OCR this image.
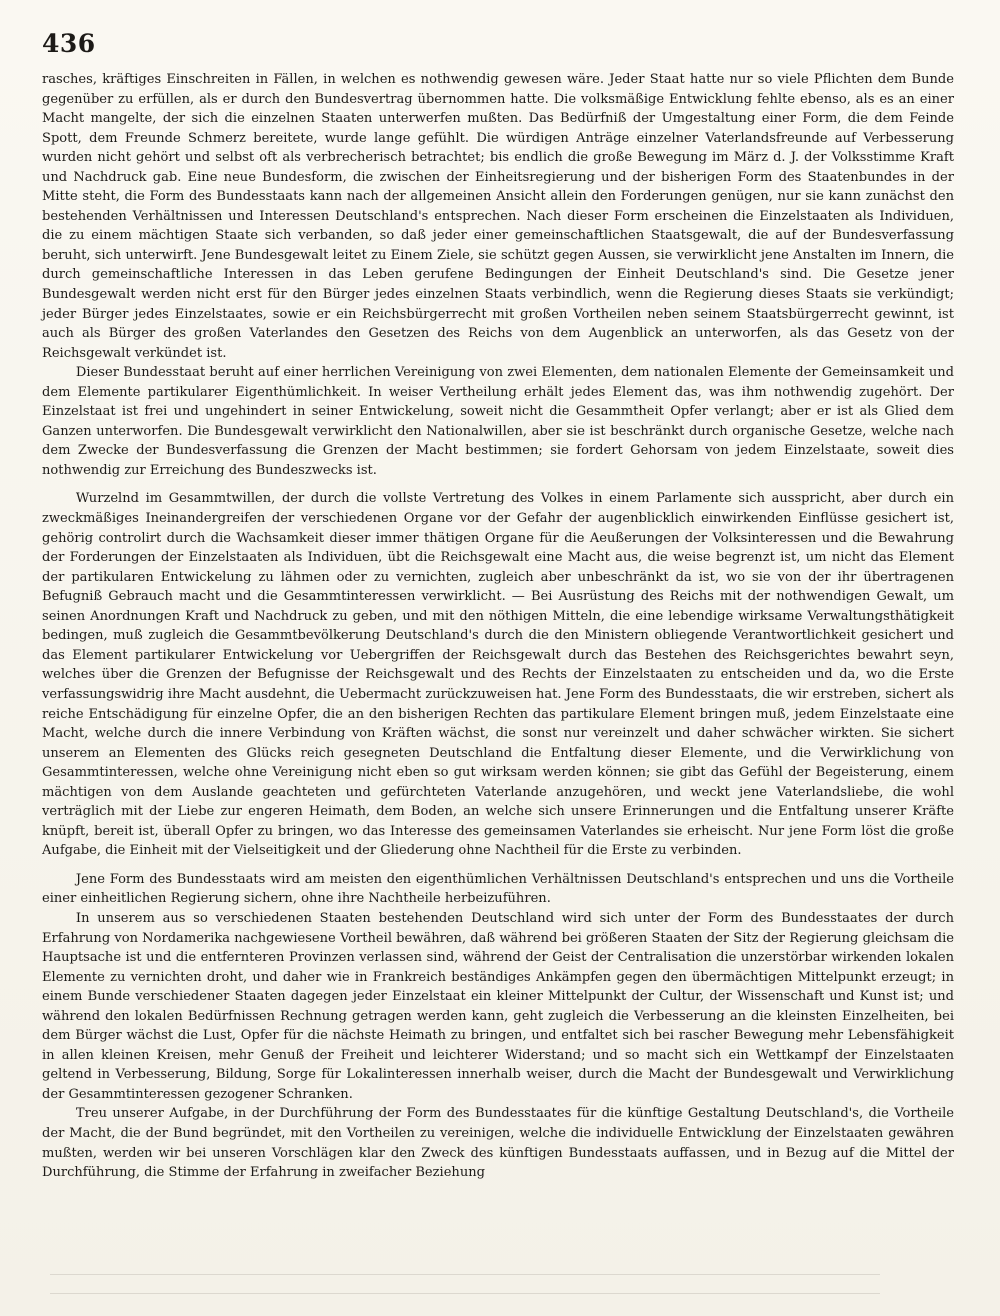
436

rasches, kräftiges Einschreiten in Fällen, in welchen es nothwendig gewesen wäre. Jeder Staat hatte nur so viele Pflichten dem Bunde gegenüber zu erfüllen, als er durch den Bundesvertrag übernommen hatte. Die volksmäßige Entwicklung fehlte ebenso, als es an einer Macht mangelte, der sich die einzelnen Staaten unterwerfen mußten. Das Bedürfniß der Umgestaltung einer Form, die dem Feinde Spott, dem Freunde Schmerz bereitete, wurde lange gefühlt. Die würdigen Anträge einzelner Vaterlandsfreunde auf Verbesserung wurden nicht gehört und selbst oft als verbrecherisch betrachtet; bis endlich die große Bewegung im März d. J. der Volksstimme Kraft und Nachdruck gab. Eine neue Bundesform, die zwischen der Einheitsregierung und der bisherigen Form des Staatenbundes in der Mitte steht, die Form des Bundesstaats kann nach der allgemeinen Ansicht allein den Forderungen genügen, nur sie kann zunächst den bestehenden Verhältnissen und Interessen Deutschland's entsprechen. Nach dieser Form erscheinen die Einzelstaaten als Individuen, die zu einem mächtigen Staate sich verbanden, so daß jeder einer gemeinschaftlichen Staatsgewalt, die auf der Bundesverfassung beruht, sich unterwirft. Jene Bundesgewalt leitet zu Einem Ziele, sie schützt gegen Aussen, sie verwirklicht jene Anstalten im Innern, die durch gemeinschaftliche Interessen in das Leben gerufene Bedingungen der Einheit Deutschland's sind. Die Gesetze jener Bundesgewalt werden nicht erst für den Bürger jedes einzelnen Staats verbindlich, wenn die Regierung dieses Staats sie verkündigt; jeder Bürger jedes Einzelstaates, sowie er ein Reichsbürgerrecht mit großen Vortheilen neben seinem Staatsbürgerrecht gewinnt, ist auch als Bürger des großen Vaterlandes den Gesetzen des Reichs von dem Augenblick an unterworfen, als das Gesetz von der Reichsgewalt verkündet ist.

Dieser Bundesstaat beruht auf einer herrlichen Vereinigung von zwei Elementen, dem nationalen Elemente der Gemeinsamkeit und dem Elemente partikularer Eigenthümlichkeit. In weiser Vertheilung erhält jedes Element das, was ihm nothwendig zugehört. Der Einzelstaat ist frei und ungehindert in seiner Entwickelung, soweit nicht die Gesammtheit Opfer verlangt; aber er ist als Glied dem Ganzen unterworfen. Die Bundesgewalt verwirklicht den Nationalwillen, aber sie ist beschränkt durch organische Gesetze, welche nach dem Zwecke der Bundesverfassung die Grenzen der Macht bestimmen; sie fordert Gehorsam von jedem Einzelstaate, soweit dies nothwendig zur Erreichung des Bundeszwecks ist.

Wurzelnd im Gesammtwillen, der durch die vollste Vertretung des Volkes in einem Parlamente sich ausspricht, aber durch ein zweckmäßiges Ineinandergreifen der verschiedenen Organe vor der Gefahr der augenblicklich einwirkenden Einflüsse gesichert ist, gehörig controlirt durch die Wachsamkeit dieser immer thätigen Organe für die Aeußerungen der Volksinteressen und die Bewahrung der Forderungen der Einzelstaaten als Individuen, übt die Reichsgewalt eine Macht aus, die weise begrenzt ist, um nicht das Element der partikularen Entwickelung zu lähmen oder zu vernichten, zugleich aber unbeschränkt da ist, wo sie von der ihr übertragenen Befugniß Gebrauch macht und die Gesammtinteressen verwirklicht. — Bei Ausrüstung des Reichs mit der nothwendigen Gewalt, um seinen Anordnungen Kraft und Nachdruck zu geben, und mit den nöthigen Mitteln, die eine lebendige wirksame Verwaltungsthätigkeit bedingen, muß zugleich die Gesammtbevölkerung Deutschland's durch die den Ministern obliegende Verantwortlichkeit gesichert und das Element partikularer Entwickelung vor Uebergriffen der Reichsgewalt durch das Bestehen des Reichsgerichtes bewahrt seyn, welches über die Grenzen der Befugnisse der Reichsgewalt und des Rechts der Einzelstaaten zu entscheiden und da, wo die Erste verfassungswidrig ihre Macht ausdehnt, die Uebermacht zurückzuweisen hat. Jene Form des Bundesstaats, die wir erstreben, sichert als reiche Entschädigung für einzelne Opfer, die an den bisherigen Rechten das partikulare Element bringen muß, jedem Einzelstaate eine Macht, welche durch die innere Verbindung von Kräften wächst, die sonst nur vereinzelt und daher schwächer wirkten. Sie sichert unserem an Elementen des Glücks reich gesegneten Deutschland die Entfaltung dieser Elemente, und die Verwirklichung von Gesammtinteressen, welche ohne Vereinigung nicht eben so gut wirksam werden können; sie gibt das Gefühl der Begeisterung, einem mächtigen von dem Auslande geachteten und gefürchteten Vaterlande anzugehören, und weckt jene Vaterlandsliebe, die wohl verträglich mit der Liebe zur engeren Heimath, dem Boden, an welche sich unsere Erinnerungen und die Entfaltung unserer Kräfte knüpft, bereit ist, überall Opfer zu bringen, wo das Interesse des gemeinsamen Vaterlandes sie erheischt. Nur jene Form löst die große Aufgabe, die Einheit mit der Vielseitigkeit und der Gliederung ohne Nachtheil für die Erste zu verbinden.

Jene Form des Bundesstaats wird am meisten den eigenthümlichen Verhältnissen Deutschland's entsprechen und uns die Vortheile einer einheitlichen Regierung sichern, ohne ihre Nachtheile herbeizuführen.

In unserem aus so verschiedenen Staaten bestehenden Deutschland wird sich unter der Form des Bundesstaates der durch Erfahrung von Nordamerika nachgewiesene Vortheil bewähren, daß während bei größeren Staaten der Sitz der Regierung gleichsam die Hauptsache ist und die entfernteren Provinzen verlassen sind, während der Geist der Centralisation die unzerstörbar wirkenden lokalen Elemente zu vernichten droht, und daher wie in Frankreich beständiges Ankämpfen gegen den übermächtigen Mittelpunkt erzeugt; in einem Bunde verschiedener Staaten dagegen jeder Einzelstaat ein kleiner Mittelpunkt der Cultur, der Wissenschaft und Kunst ist; und während den lokalen Bedürfnissen Rechnung getragen werden kann, geht zugleich die Verbesserung an die kleinsten Einzelheiten, bei dem Bürger wächst die Lust, Opfer für die nächste Heimath zu bringen, und entfaltet sich bei rascher Bewegung mehr Lebensfähigkeit in allen kleinen Kreisen, mehr Genuß der Freiheit und leichterer Widerstand; und so macht sich ein Wettkampf der Einzelstaaten geltend in Verbesserung, Bildung, Sorge für Lokalinteressen innerhalb weiser, durch die Macht der Bundesgewalt und Verwirklichung der Gesammtinteressen gezogener Schranken.

Treu unserer Aufgabe, in der Durchführung der Form des Bundesstaates für die künftige Gestaltung Deutschland's, die Vortheile der Macht, die der Bund begründet, mit den Vortheilen zu vereinigen, welche die individuelle Entwicklung der Einzelstaaten gewähren mußten, werden wir bei unseren Vorschlägen klar den Zweck des künftigen Bundesstaats auffassen, und in Bezug auf die Mittel der Durchführung, die Stimme der Erfahrung in zweifacher Beziehung
